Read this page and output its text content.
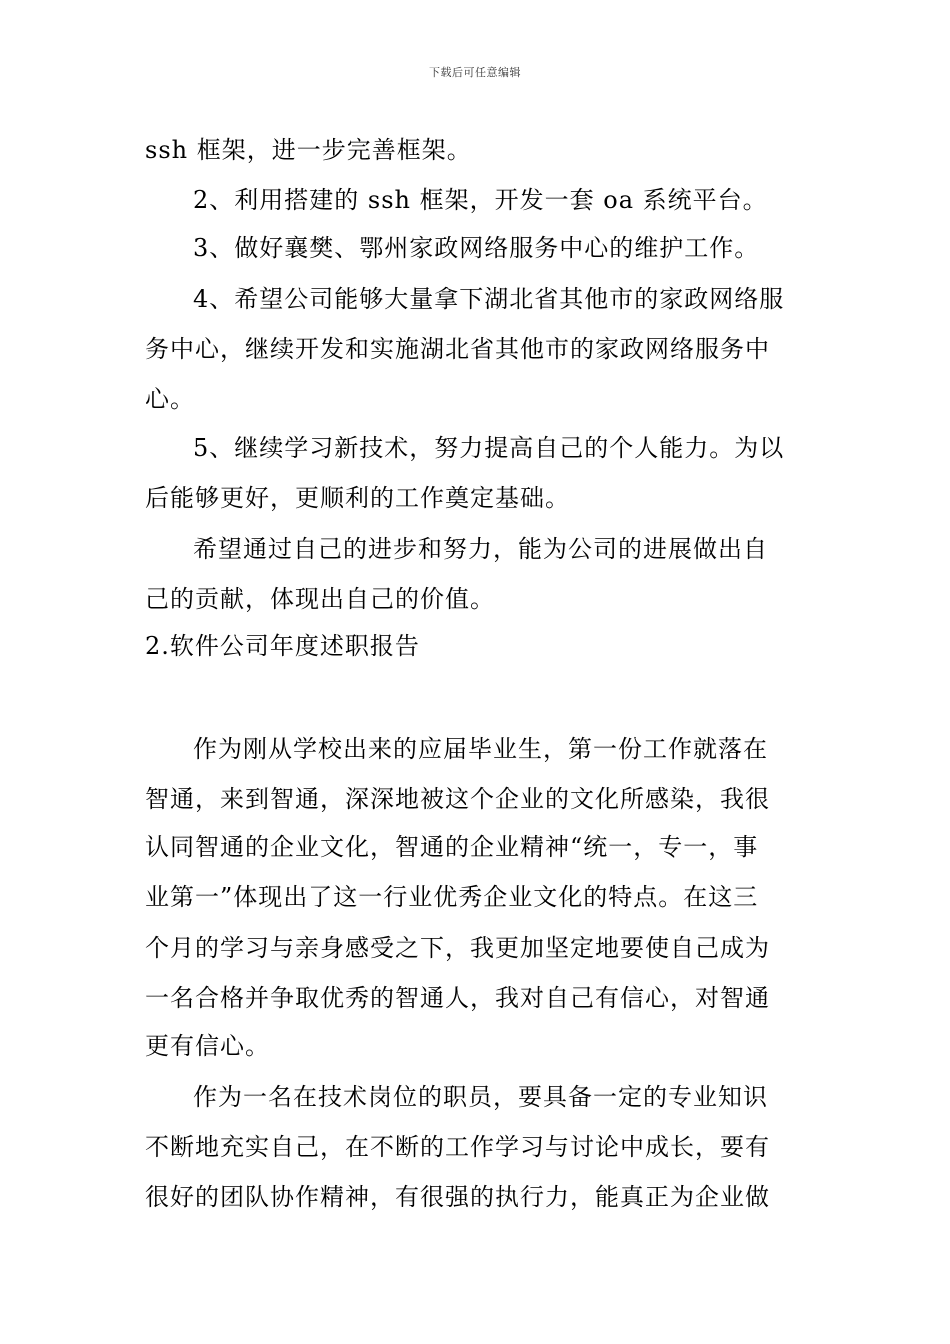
下载后可任意编辑
ssh 框架，进一步完善框架。
2、利用搭建的 ssh 框架，开发一套 oa 系统平台。
3、做好襄樊、鄂州家政网络服务中心的维护工作。
4、希望公司能够大量拿下湖北省其他市的家政网络服
务中心，继续开发和实施湖北省其他市的家政网络服务中
心。
5、继续学习新技术，努力提高自己的个人能力。为以
后能够更好，更顺利的工作奠定基础。
希望通过自己的进步和努力，能为公司的进展做出自
己的贡献，体现出自己的价值。
2.软件公司年度述职报告
作为刚从学校出来的应届毕业生，第一份工作就落在
智通，来到智通，深深地被这个企业的文化所感染，我很
认同智通的企业文化，智通的企业精神“统一，专一，事
业第一”体现出了这一行业优秀企业文化的特点。在这三
个月的学习与亲身感受之下，我更加坚定地要使自己成为
一名合格并争取优秀的智通人，我对自己有信心，对智通
更有信心。
作为一名在技术岗位的职员，要具备一定的专业知识
不断地充实自己，在不断的工作学习与讨论中成长，要有
很好的团队协作精神，有很强的执行力，能真正为企业做
